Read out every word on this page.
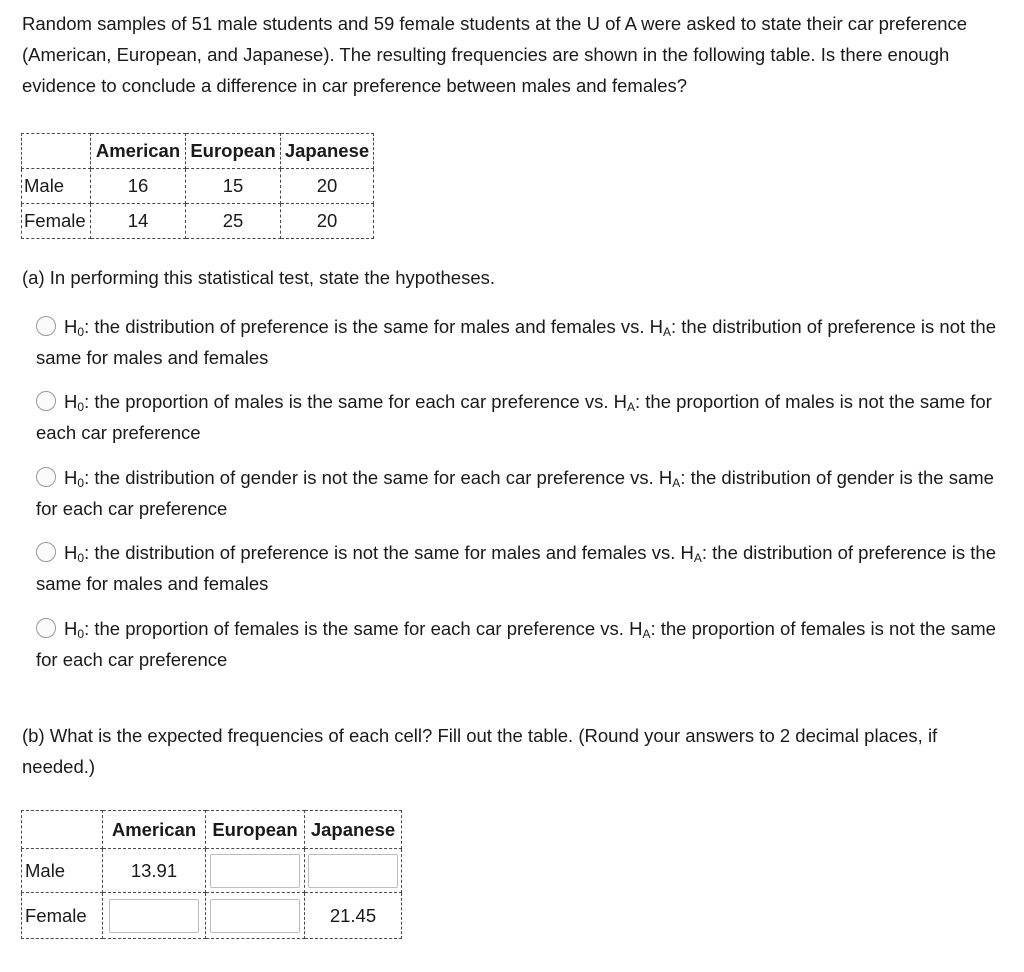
Random samples of 51 male students and 59 female students at the U of A were asked to state their car preference (American, European, and Japanese). The resulting frequencies are shown in the following table. Is there enough evidence to conclude a difference in car preference between males and females?

	American	European	Japanese
Male	16	15	20
Female	14	25	20

(a) In performing this statistical test, state the hypotheses.

$H_0$: the distribution of preference is the same for males and females vs. $H_A$: the distribution of preference is not the same for males and females
$H_0$: the proportion of males is the same for each car preference vs. $H_A$: the proportion of males is not the same for each car preference
$H_0$: the distribution of gender is not the same for each car preference vs. $H_A$: the distribution of gender is the same for each car preference
$H_0$: the distribution of preference is not the same for males and females vs. $H_A$: the distribution of preference is the same for males and females
$H_0$: the proportion of females is the same for each car preference vs. $H_A$: the proportion of females is not the same for each car preference

(b) What is the expected frequencies of each cell? Fill out the table. (Round your answers to 2 decimal places, if needed.)

	American	European	Japanese
Male	13.91	

Female			21.45
